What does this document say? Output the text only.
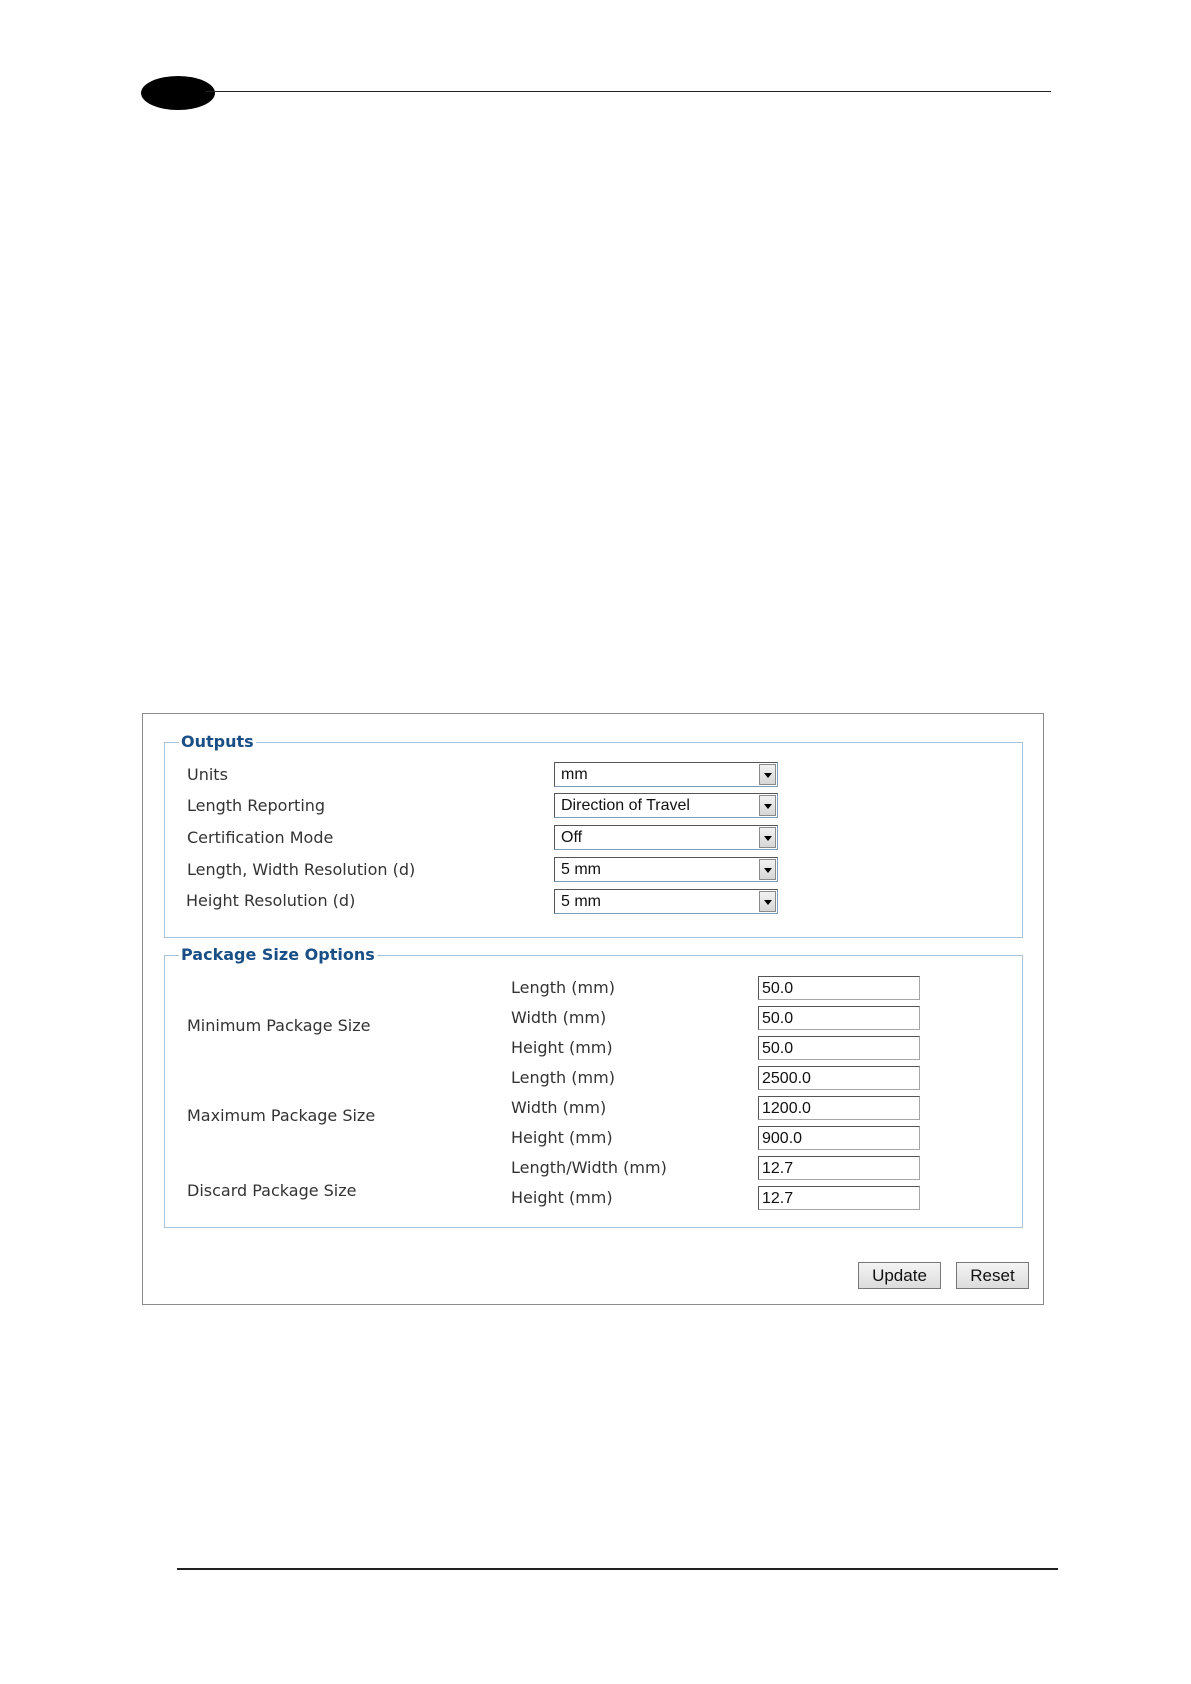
Outputs
Units	mm
Length Reporting	Direction of Travel
Certification Mode	Off
Length, Width Resolution (d)	5 mm
Height Resolution (d)	5 mm
Package Size Options
Minimum Package Size
Length (mm)	50.0
Width (mm)	50.0
Height (mm)	50.0
Maximum Package Size
Length (mm)	2500.0
Width (mm)	1200.0
Height (mm)	900.0
Discard Package Size
Length/Width (mm)	12.7
Height (mm)	12.7
Update	Reset
